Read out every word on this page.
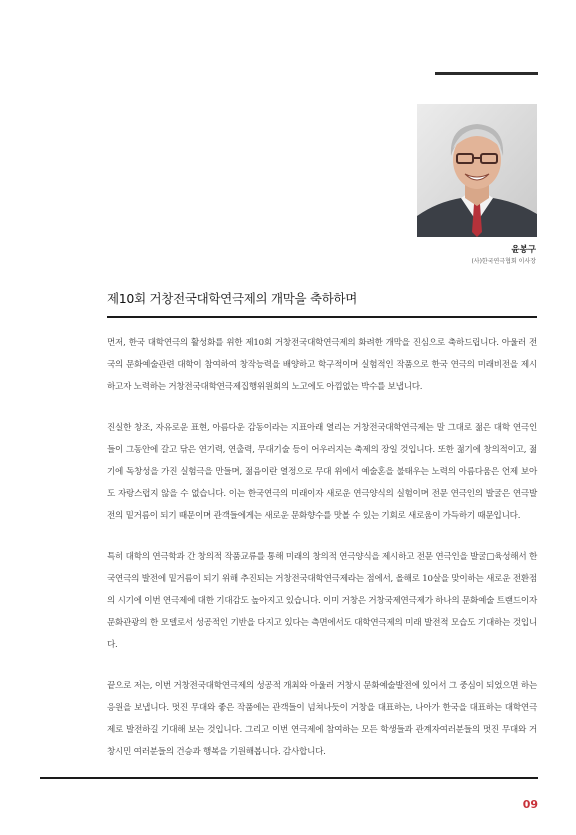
윤봉구
(사)한국연극협회 이사장
제10회 거창전국대학연극제의 개막을 축하하며

먼저, 한국 대학연극의 활성화를 위한 제10회 거창전국대학연극제의 화려한 개막을 진심으로 축하드립니다. 아울러 전국의 문화예술관련 대학이 참여하여 창작능력을 배양하고 학구적이며 실험적인 작품으로 한국 연극의 미래비전을 제시하고자 노력하는 거창전국대학연극제집행위원회의 노고에도 아낌없는 박수를 보냅니다.

진실한 창조, 자유로운 표현, 아름다운 감동이라는 지표아래 열리는 거창전국대학연극제는 말 그대로 젊은 대학 연극인들이 그동안에 갈고 닦은 연기력, 연출력, 무대기술 등이 어우러지는 축제의 장일 것입니다. 또한 젊기에 창의적이고, 젊기에 독창성을 가진 실험극을 만들며, 젊음이란 열정으로 무대 위에서 예술혼을 불태우는 노력의 아름다움은 언제 보아도 자랑스럽지 않을 수 없습니다. 이는 한국연극의 미래이자 새로운 연극양식의 실험이며 전문 연극인의 발굴은 연극발전의 밑거름이 되기 때문이며 관객들에게는 새로운 문화향수를 맛볼 수 있는 기회로 새로움이 가득하기 때문입니다.

특히 대학의 연극학과 간 창의적 작품교류를 통해 미래의 창의적 연극양식을 제시하고 전문 연극인을 발굴□육성해서 한국연극의 발전에 밑거름이 되기 위해 추진되는 거창전국대학연극제라는 점에서, 올해로 10살을 맞이하는 새로운 전환점의 시기에 이번 연극제에 대한 기대감도 높아지고 있습니다. 이미 거창은 거창국제연극제가 하나의 문화예술 트랜드이자 문화관광의 한 모델로서 성공적인 기반을 다지고 있다는 측면에서도 대학연극제의 미래 발전적 모습도 기대하는 것입니다.

끝으로 저는, 이번 거창전국대학연극제의 성공적 개최와 아울러 거창시 문화예술발전에 있어서 그 중심이 되었으면 하는 응원을 보냅니다. 멋진 무대와 좋은 작품에는 관객들이 넘쳐나듯이 거창을 대표하는, 나아가 한국을 대표하는 대학연극제로 발전하길 기대해 보는 것입니다. 그리고 이번 연극제에 참여하는 모든 학생들과 관계자여러분들의 멋진 무대와 거창시민 여러분들의 건승과 행복을 기원해봅니다. 감사합니다.

09
